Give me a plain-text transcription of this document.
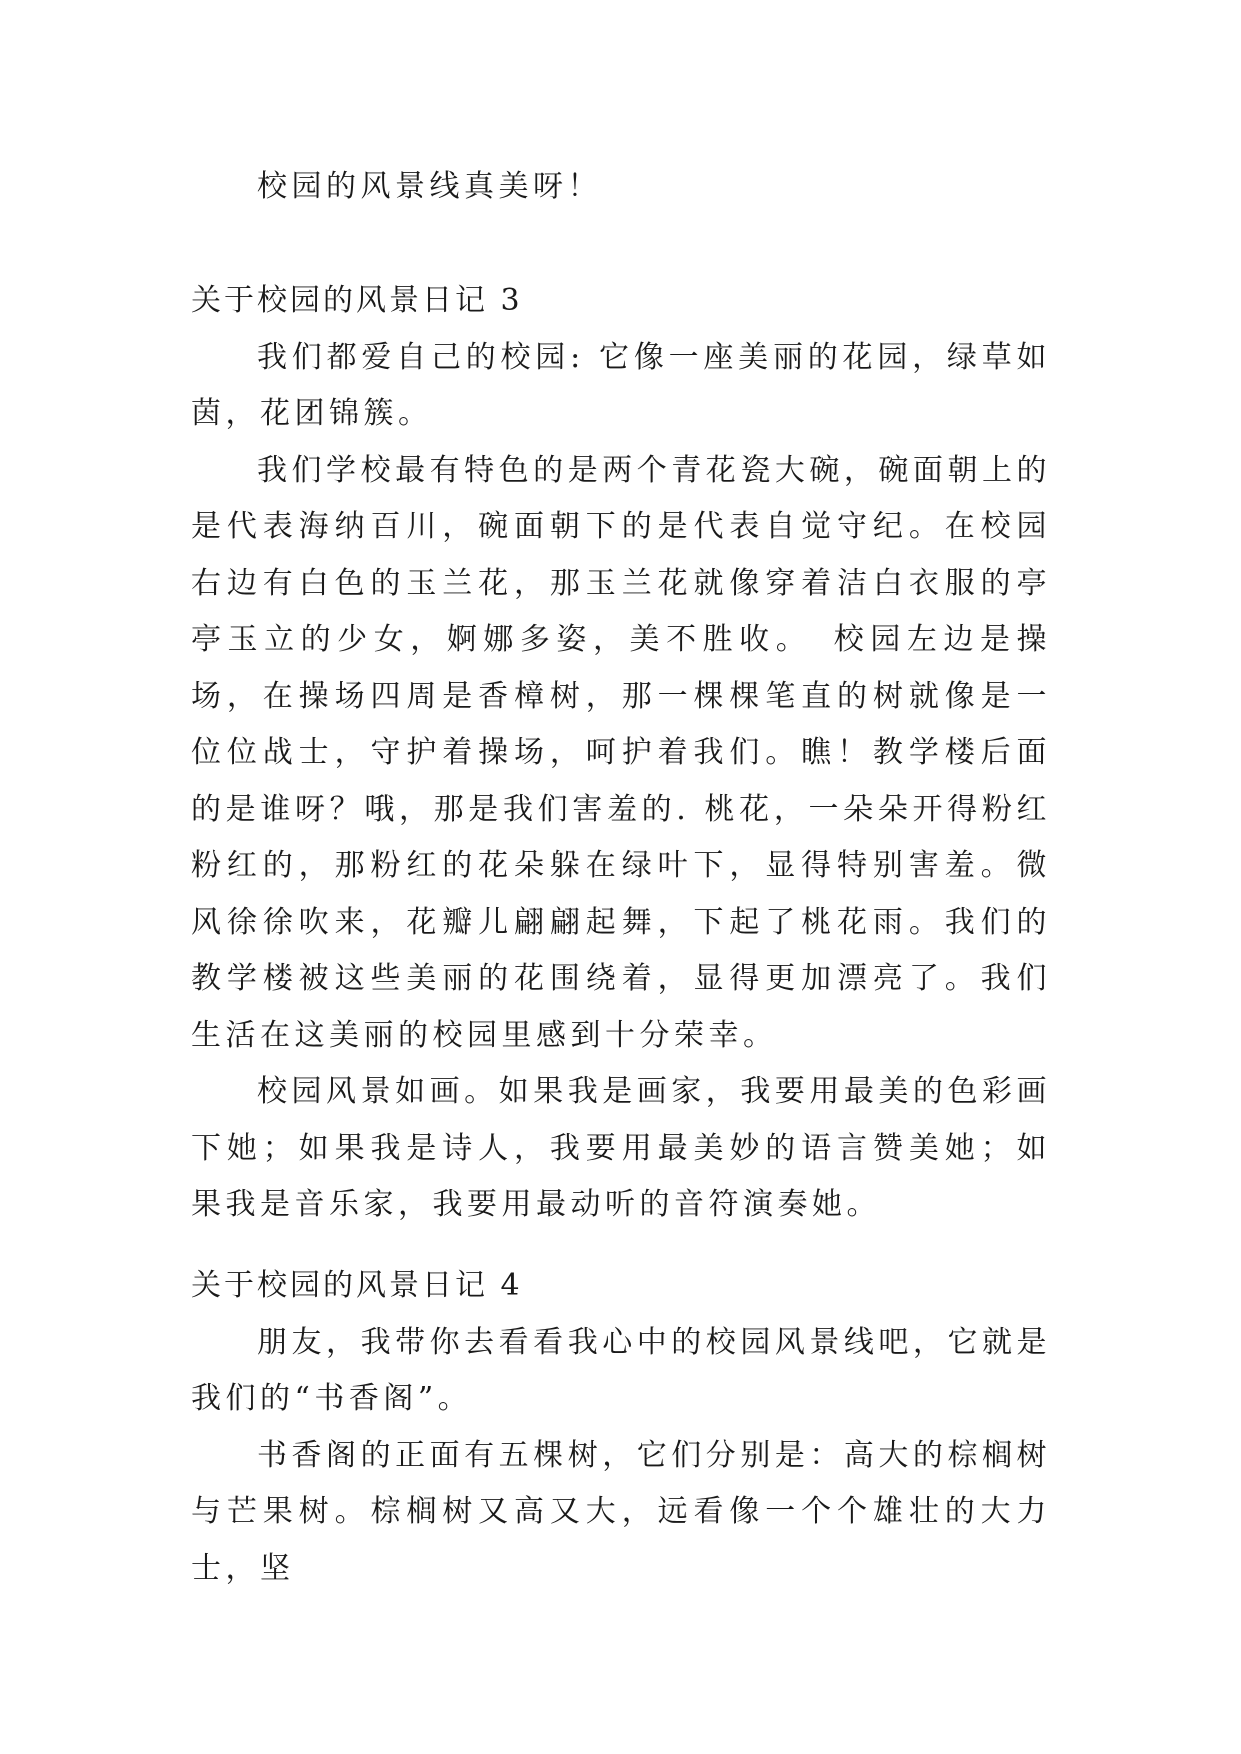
校园的风景线真美呀！

关于校园的风景日记 3

我们都爱自己的校园: 它像一座美丽的花园，绿草如茵，花团锦簇。

我们学校最有特色的是两个青花瓷大碗，碗面朝上的是代表海纳百川，碗面朝下的是代表自觉守纪。在校园右边有白色的玉兰花，那玉兰花就像穿着洁白衣服的亭亭玉立的少女，婀娜多姿，美不胜收。　校园左边是操场，在操场四周是香樟树，那一棵棵笔直的树就像是一位位战士，守护着操场，呵护着我们。瞧！教学楼后面的是谁呀？哦，那是我们害羞的. 桃花，一朵朵开得粉红粉红的，那粉红的花朵躲在绿叶下，显得特别害羞。微风徐徐吹来，花瓣儿翩翩起舞，下起了桃花雨。我们的教学楼被这些美丽的花围绕着，显得更加漂亮了。我们生活在这美丽的校园里感到十分荣幸。

校园风景如画。如果我是画家，我要用最美的色彩画下她；如果我是诗人，我要用最美妙的语言赞美她；如果我是音乐家，我要用最动听的音符演奏她。

关于校园的风景日记 4

朋友，我带你去看看我心中的校园风景线吧，它就是我们的“书香阁”。

书香阁的正面有五棵树，它们分别是：高大的棕榈树与芒果树。棕榈树又高又大，远看像一个个雄壮的大力士，坚
